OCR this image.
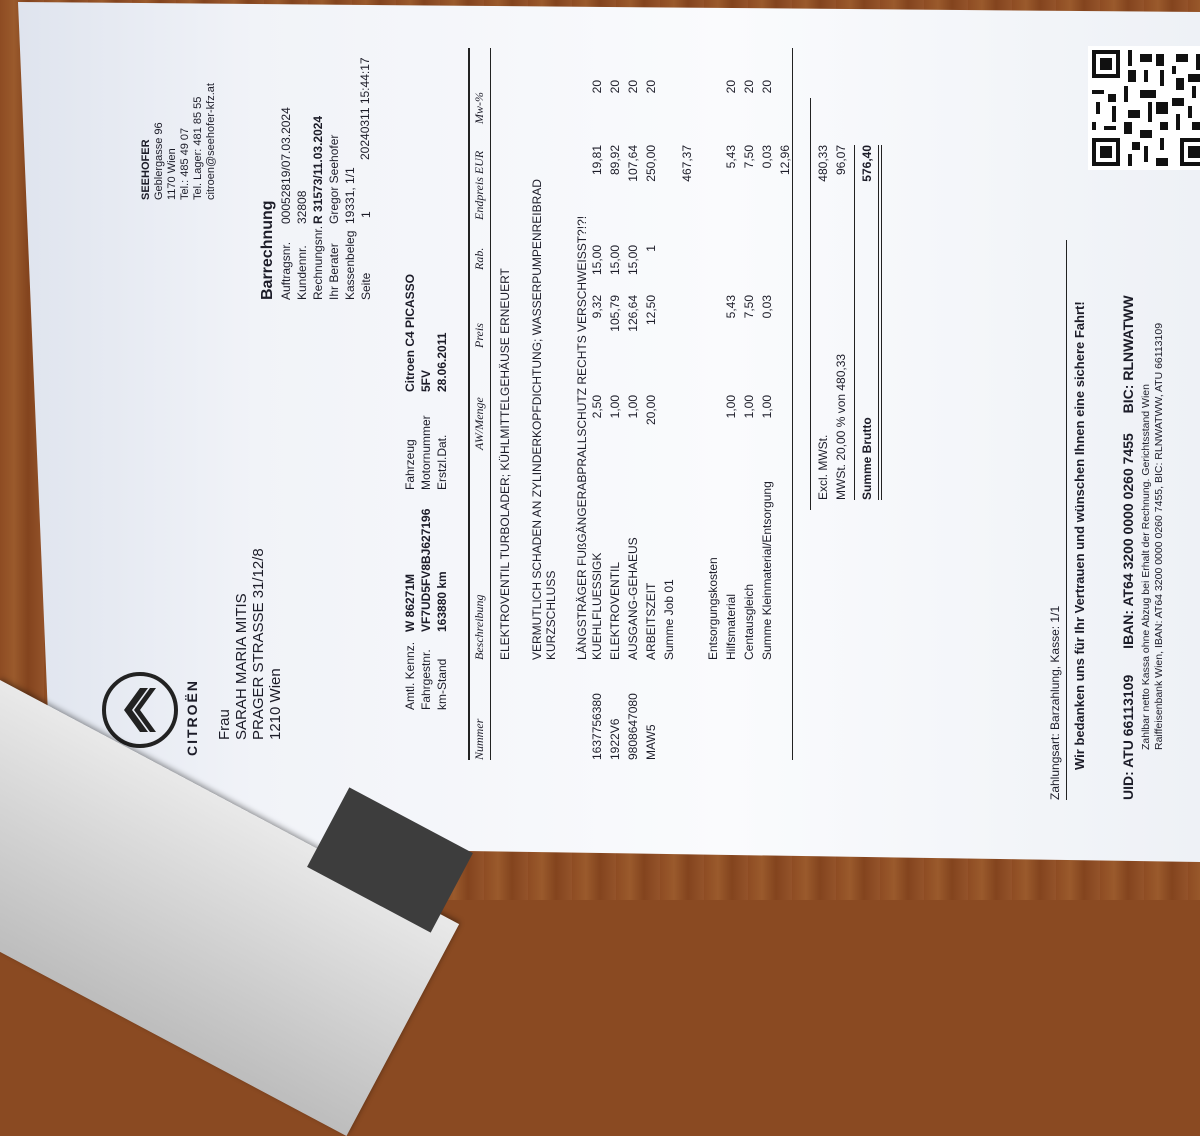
CITROËN Frau SARAH MARIA MITIS PRAGER STRASSE 31/12/8 1210 Wien
SEEHOFER Geblergasse 96 1170 Wien Tel.: 485 49 07 Tel. Lager: 481 85 55 citroen@seehofer-kfz.at
Barrechnung Auftragsnr.
00052819/07.03.2024
Kundennr.
32808
Rechnungsnr.
R 31573/11.03.2024
Ihr Berater
Gregor Seehofer
Kassenbeleg
19331, 1/1
Seite
1
20240311 15:44:17
Amtl. Kennz.
W 86271M
Fahrgestnr.
VF7UD5FV8BJ627196
km-Stand
163880 km
Fahrzeug
Citroen C4 PICASSO
Motornummer
5FV
Erstzl.Dat.
28.06.2011
Nummer
Beschreibung
AW/Menge
Preis
Rab.
Endpreis EUR
Mw-%
ELEKTROVENTIL TURBOLADER; KÜHLMITTELGEHÄUSE ERNEUERT VERMUTLICH SCHADEN AN ZYLINDERKOPFDICHTUNG; WASSERPUMPENREIBRAD KURZSCHLUSS LÄNGSTRÄGER FUßGÄNGERABPRALLSCHUTZ RECHTS VERSCHWEISST?!?!
1637756380
KUEHLFLUESSIGK
2,50
9,32
15,00
19,81
20
1922V6
ELEKTROVENTIL
1,00
105,79
15,00
89,92
20
9808647080
AUSGANG-GEHAEUS
1,00
126,64
15,00
107,64
20
MAW5
ARBEITSZEIT
20,00
12,50
1
250,00
20
Summe Job 01
467,37
Entsorgungskosten Hilfsmaterial
1,00
5,43
5,43
20
Centausgleich
1,00
7,50
7,50
20
Summe Kleinmaterial/Entsorgung
1,00
0,03
0,03
20
12,96
Excl. MWSt.
480,33
MWSt. 20,00 % von 480,33
96,07
Summe Brutto
576,40
Zahlungsart: Barzahlung, Kasse: 1/1 Wir bedanken uns für Ihr Vertrauen und wünschen Ihnen eine sichere Fahrt! UID: ATU 66113109 IBAN: AT64 3200 0000 0260 7455 BIC: RLNWATWW
Zahlbar netto Kassa ohne Abzug bei Erhalt der Rechnung. Gerichtsstand Wien Raiffeisenbank Wien, IBAN: AT64 3200 0000 0260 7455, BIC: RLNWATWW, ATU 66113109
